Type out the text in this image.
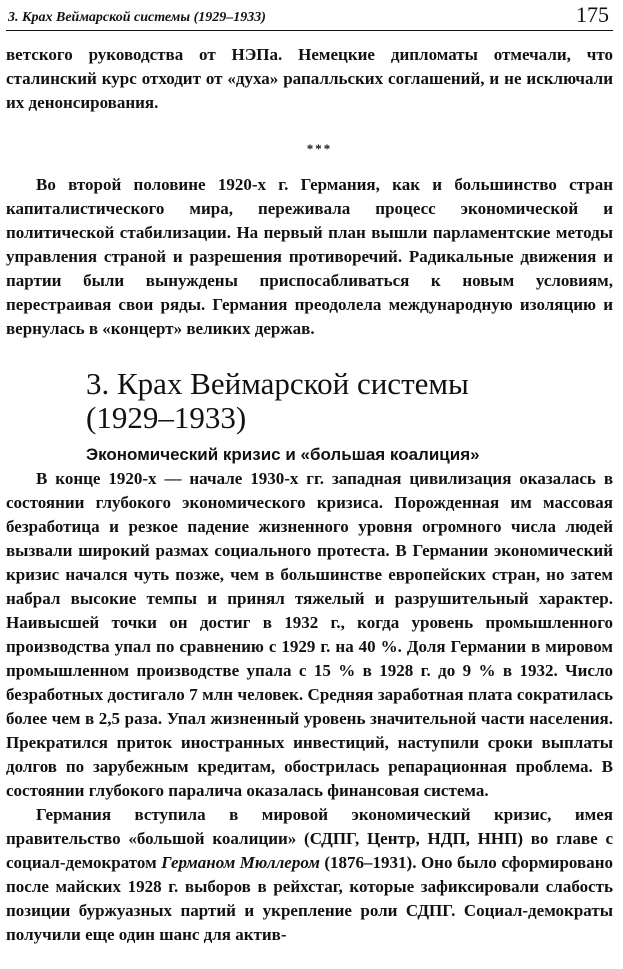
3. Крах Веймарской системы (1929–1933)	175

ветского руководства от НЭПа. Немецкие дипломаты отмечали, что сталинский курс отходит от «духа» рапалльских соглашений, и не исключали их денонсирования.

***

Во второй половине 1920-х г. Германия, как и большинство стран капиталистического мира, переживала процесс экономической и политической стабилизации. На первый план вышли парламентские методы управления страной и разрешения противоречий. Радикальные движения и партии были вынуждены приспосабливаться к новым условиям, перестраивая свои ряды. Германия преодолела международную изоляцию и вернулась в «концерт» великих держав.

3. Крах Веймарской системы
(1929–1933)
Экономический кризис и «большая коалиция»

В конце 1920-х — начале 1930-х гг. западная цивилизация оказалась в состоянии глубокого экономического кризиса. Порожденная им массовая безработица и резкое падение жизненного уровня огромного числа людей вызвали широкий размах социального протеста. В Германии экономический кризис начался чуть позже, чем в большинстве европейских стран, но затем набрал высокие темпы и принял тяжелый и разрушительный характер. Наивысшей точки он достиг в 1932 г., когда уровень промышленного производства упал по сравнению с 1929 г. на 40 %. Доля Германии в мировом промышленном производстве упала с 15 % в 1928 г. до 9 % в 1932. Число безработных достигало 7 млн человек. Средняя заработная плата сократилась более чем в 2,5 раза. Упал жизненный уровень значительной части населения. Прекратился приток иностранных инвестиций, наступили сроки выплаты долгов по зарубежным кредитам, обострилась репарационная проблема. В состоянии глубокого паралича оказалась финансовая система.

Германия вступила в мировой экономический кризис, имея правительство «большой коалиции» (СДПГ, Центр, НДП, ННП) во главе с социал-демократом Германом Мюллером (1876–1931). Оно было сформировано после майских 1928 г. выборов в рейхстаг, которые зафиксировали слабость позиции буржуазных партий и укрепление роли СДПГ. Социал-демократы получили еще один шанс для актив-
